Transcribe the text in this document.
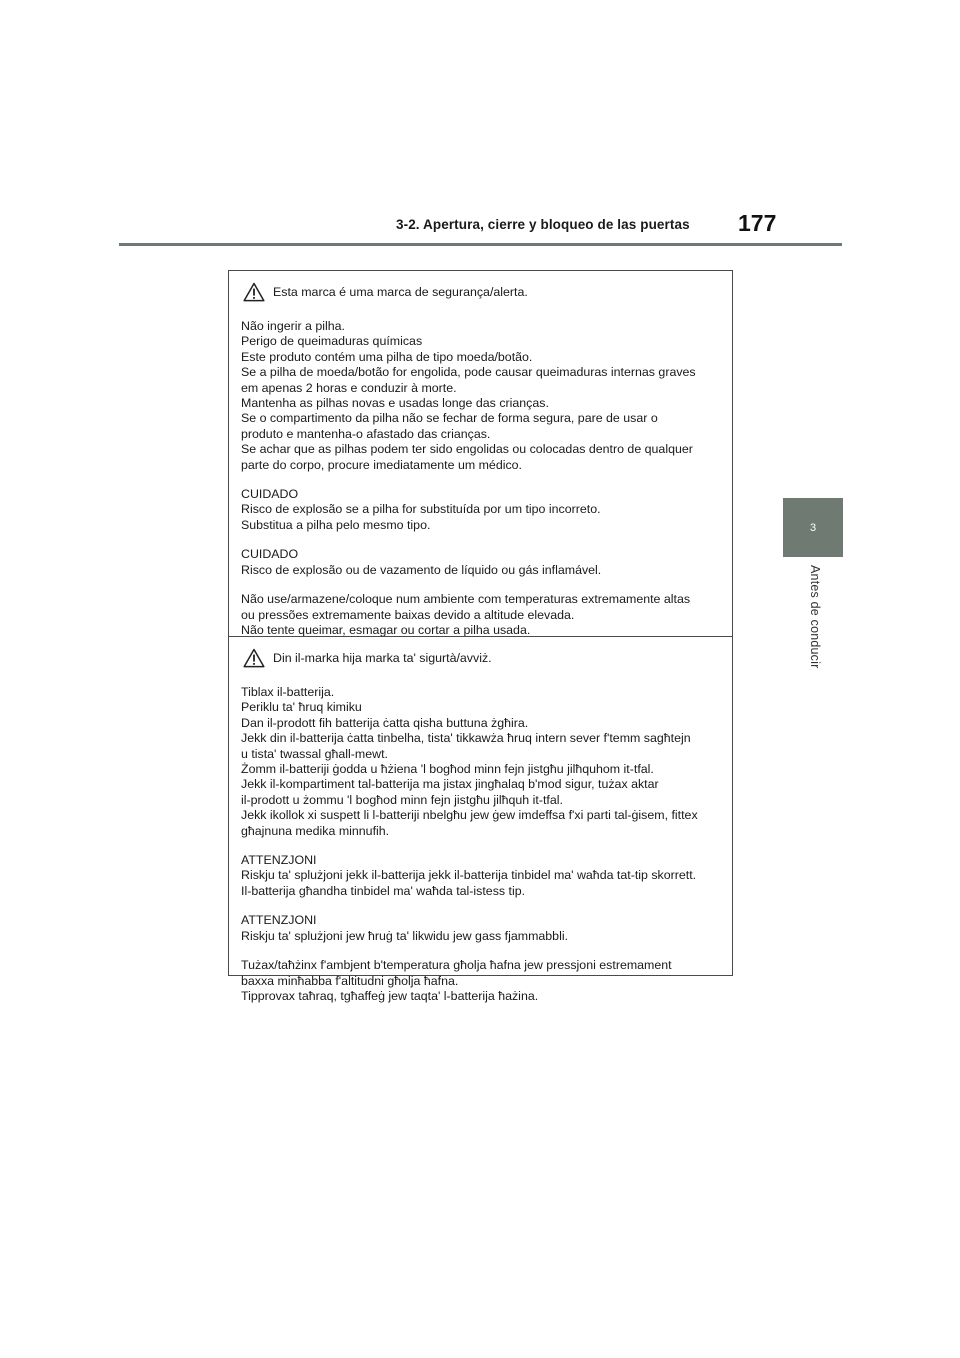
3-2. Apertura, cierre y bloqueo de las puertas 177
3
Antes de conducir
Esta marca é uma marca de segurança/alerta.

Não ingerir a pilha.
Perigo de queimaduras químicas
Este produto contém uma pilha de tipo moeda/botão.
Se a pilha de moeda/botão for engolida, pode causar queimaduras internas graves
em apenas 2 horas e conduzir à morte.
Mantenha as pilhas novas e usadas longe das crianças.
Se o compartimento da pilha não se fechar de forma segura, pare de usar o
produto e mantenha-o afastado das crianças.
Se achar que as pilhas podem ter sido engolidas ou colocadas dentro de qualquer
parte do corpo, procure imediatamente um médico.

CUIDADO
Risco de explosão se a pilha for substituída por um tipo incorreto.
Substitua a pilha pelo mesmo tipo.

CUIDADO
Risco de explosão ou de vazamento de líquido ou gás inflamável.

Não use/armazene/coloque num ambiente com temperaturas extremamente altas
ou pressões extremamente baixas devido a altitude elevada.
Não tente queimar, esmagar ou cortar a pilha usada.

Din il-marka hija marka ta' sigurtà/avviż.

Tiblax il-batterija.
Periklu ta' ħruq kimiku
Dan il-prodott fih batterija ċatta qisha buttuna żgħira.
Jekk din il-batterija ċatta tinbelha, tista' tikkawża ħruq intern sever f'temm sagħtejn
u tista' twassal għall-mewt.
Żomm il-batteriji ġodda u ħżiena 'l bogħod minn fejn jistgħu jilħquhom it-tfal.
Jekk il-kompartiment tal-batterija ma jistax jingħalaq b'mod sigur, tużax aktar
il-prodott u żommu 'l bogħod minn fejn jistgħu jilħquh it-tfal.
Jekk ikollok xi suspett li l-batteriji nbelgħu jew ġew imdeffsa f'xi parti tal-ġisem, fittex
għajnuna medika minnufih.

ATTENZJONI
Riskju ta' splużjoni jekk il-batterija jekk il-batterija tinbidel ma' waħda tat-tip skorrett.
Il-batterija għandha tinbidel ma' waħda tal-istess tip.

ATTENZJONI
Riskju ta' splużjoni jew ħruġ ta' likwidu jew gass fjammabbli.

Tużax/taħżinx f'ambjent b'temperatura għolja ħafna jew pressjoni estremament
baxxa minħabba f'altitudni għolja ħafna.
Tipprovax taħraq, tgħaffeġ jew taqta' l-batterija ħażina.
